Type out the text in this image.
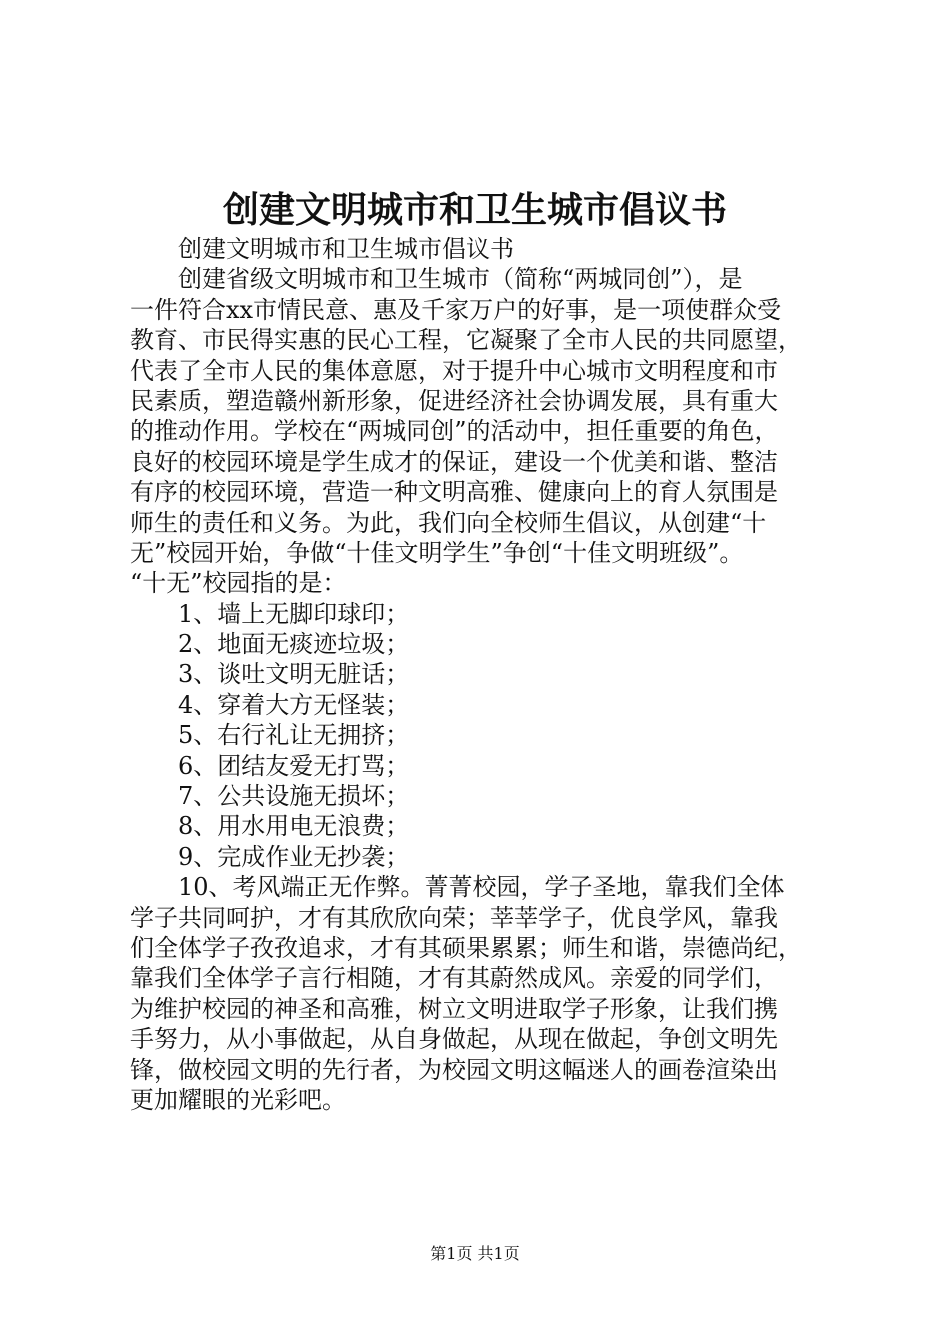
创建文明城市和卫生城市倡议书
创建文明城市和卫生城市倡议书
创建省级文明城市和卫生城市（简称“两城同创”），是
一件符合xx市情民意、惠及千家万户的好事，是一项使群众受
教育、市民得实惠的民心工程，它凝聚了全市人民的共同愿望，
代表了全市人民的集体意愿，对于提升中心城市文明程度和市
民素质，塑造赣州新形象，促进经济社会协调发展，具有重大
的推动作用。学校在“两城同创”的活动中，担任重要的角色，
良好的校园环境是学生成才的保证，建设一个优美和谐、整洁
有序的校园环境，营造一种文明高雅、健康向上的育人氛围是
师生的责任和义务。为此，我们向全校师生倡议，从创建“十
无”校园开始，争做“十佳文明学生”争创“十佳文明班级”。
“十无”校园指的是：
1、墙上无脚印球印；
2、地面无痰迹垃圾；
3、谈吐文明无脏话；
4、穿着大方无怪装；
5、右行礼让无拥挤；
6、团结友爱无打骂；
7、公共设施无损坏；
8、用水用电无浪费；
9、完成作业无抄袭；
10、考风端正无作弊。菁菁校园，学子圣地，靠我们全体
学子共同呵护，才有其欣欣向荣；莘莘学子，优良学风，靠我
们全体学子孜孜追求，才有其硕果累累；师生和谐，崇德尚纪，
靠我们全体学子言行相随，才有其蔚然成风。亲爱的同学们，
为维护校园的神圣和高雅，树立文明进取学子形象，让我们携
手努力，从小事做起，从自身做起，从现在做起，争创文明先
锋，做校园文明的先行者，为校园文明这幅迷人的画卷渲染出
更加耀眼的光彩吧。
第1页 共1页
